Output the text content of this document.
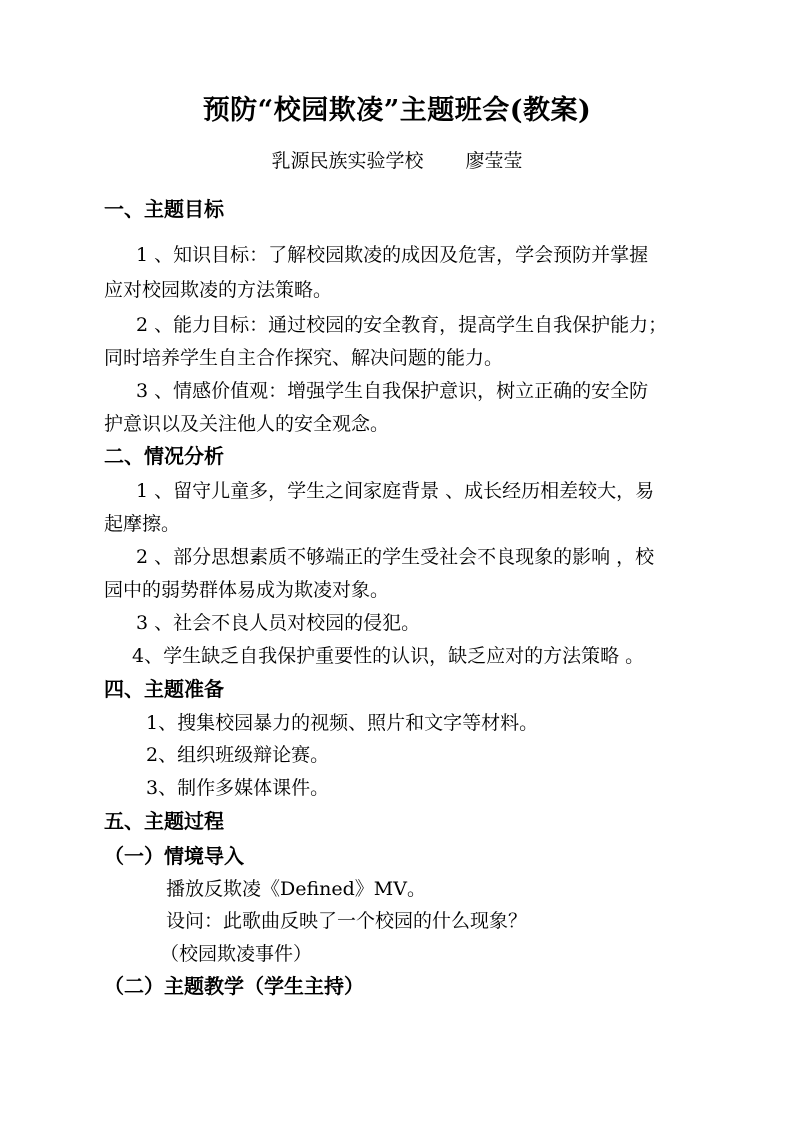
预防“校园欺凌”主题班会(教案)
乳源民族实验学校 廖莹莹
一、主题目标
1 、知识目标：了解校园欺凌的成因及危害，学会预防并掌握
应对校园欺凌的方法策略。
2 、能力目标：通过校园的安全教育，提高学生自我保护能力；
同时培养学生自主合作探究、解决问题的能力。
3 、情感价值观：增强学生自我保护意识，树立正确的安全防
护意识以及关注他人的安全观念。
二、情况分析
1 、留守儿童多，学生之间家庭背景 、成长经历相差较大，易
起摩擦。
2 、部分思想素质不够端正的学生受社会不良现象的影响 ，校
园中的弱势群体易成为欺凌对象。
3 、社会不良人员对校园的侵犯。
4、学生缺乏自我保护重要性的认识，缺乏应对的方法策略 。
四、主题准备
1、搜集校园暴力的视频、照片和文字等材料。
2、组织班级辩论赛。
3、制作多媒体课件。
五、主题过程
（一）情境导入
播放反欺凌《Defined》MV。
设问：此歌曲反映了一个校园的什么现象？
（校园欺凌事件）
（二）主题教学（学生主持）
